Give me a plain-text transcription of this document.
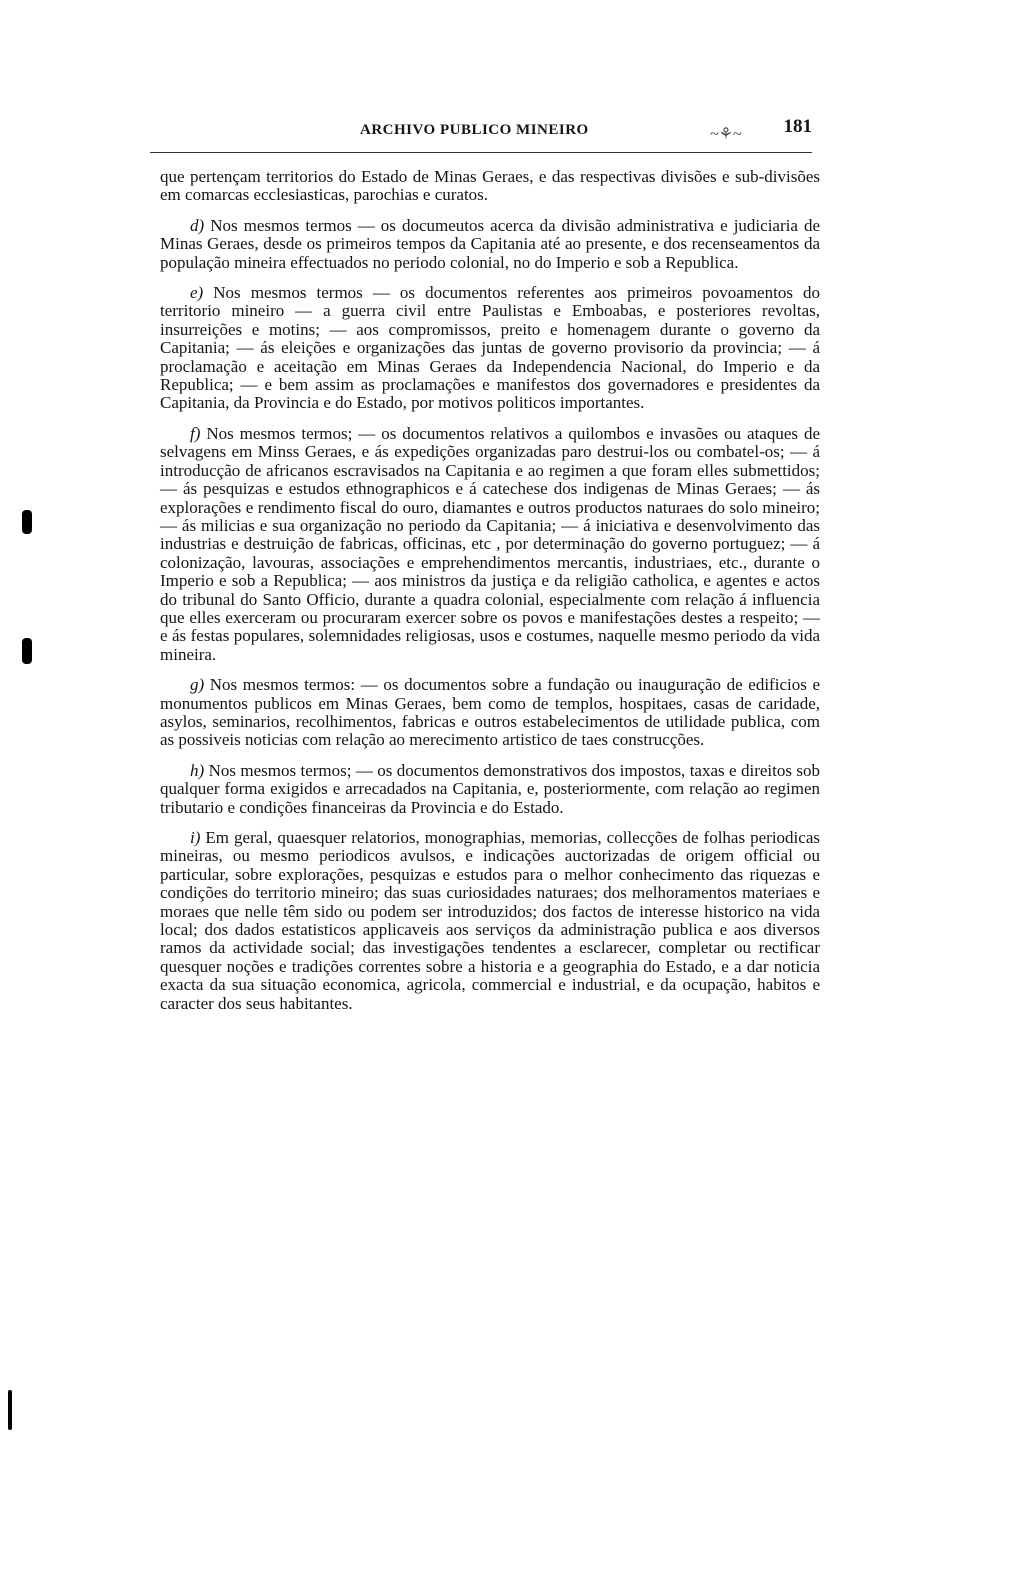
ARCHIVO PUBLICO MINEIRO	~⚘~ 181

que pertençam territorios do Estado de Minas Geraes, e das respectivas divisões e sub-divisões em comarcas ecclesiasticas, parochias e curatos.

d) Nos mesmos termos — os documeutos acerca da divisão administrativa e judiciaria de Minas Geraes, desde os primeiros tempos da Capitania até ao presente, e dos recenseamentos da população mineira effectuados no periodo colonial, no do Imperio e sob a Republica.

e) Nos mesmos termos — os documentos referentes aos primeiros povoamentos do territorio mineiro — a guerra civil entre Paulistas e Emboabas, e posteriores revoltas, insurreições e motins; — aos compromissos, preito e homenagem durante o governo da Capitania; — ás eleições e organizações das juntas de governo provisorio da provincia; — á proclamação e aceitação em Minas Geraes da Independencia Nacional, do Imperio e da Republica; — e bem assim as proclamações e manifestos dos governadores e presidentes da Capitania, da Provincia e do Estado, por motivos politicos importantes.

f) Nos mesmos termos; — os documentos relativos a quilombos e invasões ou ataques de selvagens em Minss Geraes, e ás expedições organizadas paro destrui-los ou combatel-os; — á introducção de africanos escravisados na Capitania e ao regimen a que foram elles submettidos; — ás pesquizas e estudos ethnographicos e á catechese dos indigenas de Minas Geraes; — ás explorações e rendimento fiscal do ouro, diamantes e outros productos naturaes do solo mineiro; — ás milicias e sua organização no periodo da Capitania; — á iniciativa e desenvolvimento das industrias e destruição de fabricas, officinas, etc , por determinação do governo portuguez; — á colonização, lavouras, associações e emprehendimentos mercantis, industriaes, etc., durante o Imperio e sob a Republica; — aos ministros da justiça e da religião catholica, e agentes e actos do tribunal do Santo Officio, durante a quadra colonial, especialmente com relação á influencia que elles exerceram ou procuraram exercer sobre os povos e manifestações destes a respeito; — e ás festas populares, solemnidades religiosas, usos e costumes, naquelle mesmo periodo da vida mineira.

g) Nos mesmos termos: — os documentos sobre a fundação ou inauguração de edificios e monumentos publicos em Minas Geraes, bem como de templos, hospitaes, casas de caridade, asylos, seminarios, recolhimentos, fabricas e outros estabelecimentos de utilidade publica, com as possiveis noticias com relação ao merecimento artistico de taes construcções.

h) Nos mesmos termos; — os documentos demonstrativos dos impostos, taxas e direitos sob qualquer forma exigidos e arrecadados na Capitania, e, posteriormente, com relação ao regimen tributario e condições financeiras da Provincia e do Estado.

i) Em geral, quaesquer relatorios, monographias, memorias, collecções de folhas periodicas mineiras, ou mesmo periodicos avulsos, e indicações auctorizadas de origem official ou particular, sobre explorações, pesquizas e estudos para o melhor conhecimento das riquezas e condições do territorio mineiro; das suas curiosidades naturaes; dos melhoramentos materiaes e moraes que nelle têm sido ou podem ser introduzidos; dos factos de interesse historico na vida local; dos dados estatisticos applicaveis aos serviços da administração publica e aos diversos ramos da actividade social; das investigações tendentes a esclarecer, completar ou rectificar quesquer noções e tradições correntes sobre a historia e a geographia do Estado, e a dar noticia exacta da sua situação economica, agricola, commercial e industrial, e da ocupação, habitos e caracter dos seus habitantes.
